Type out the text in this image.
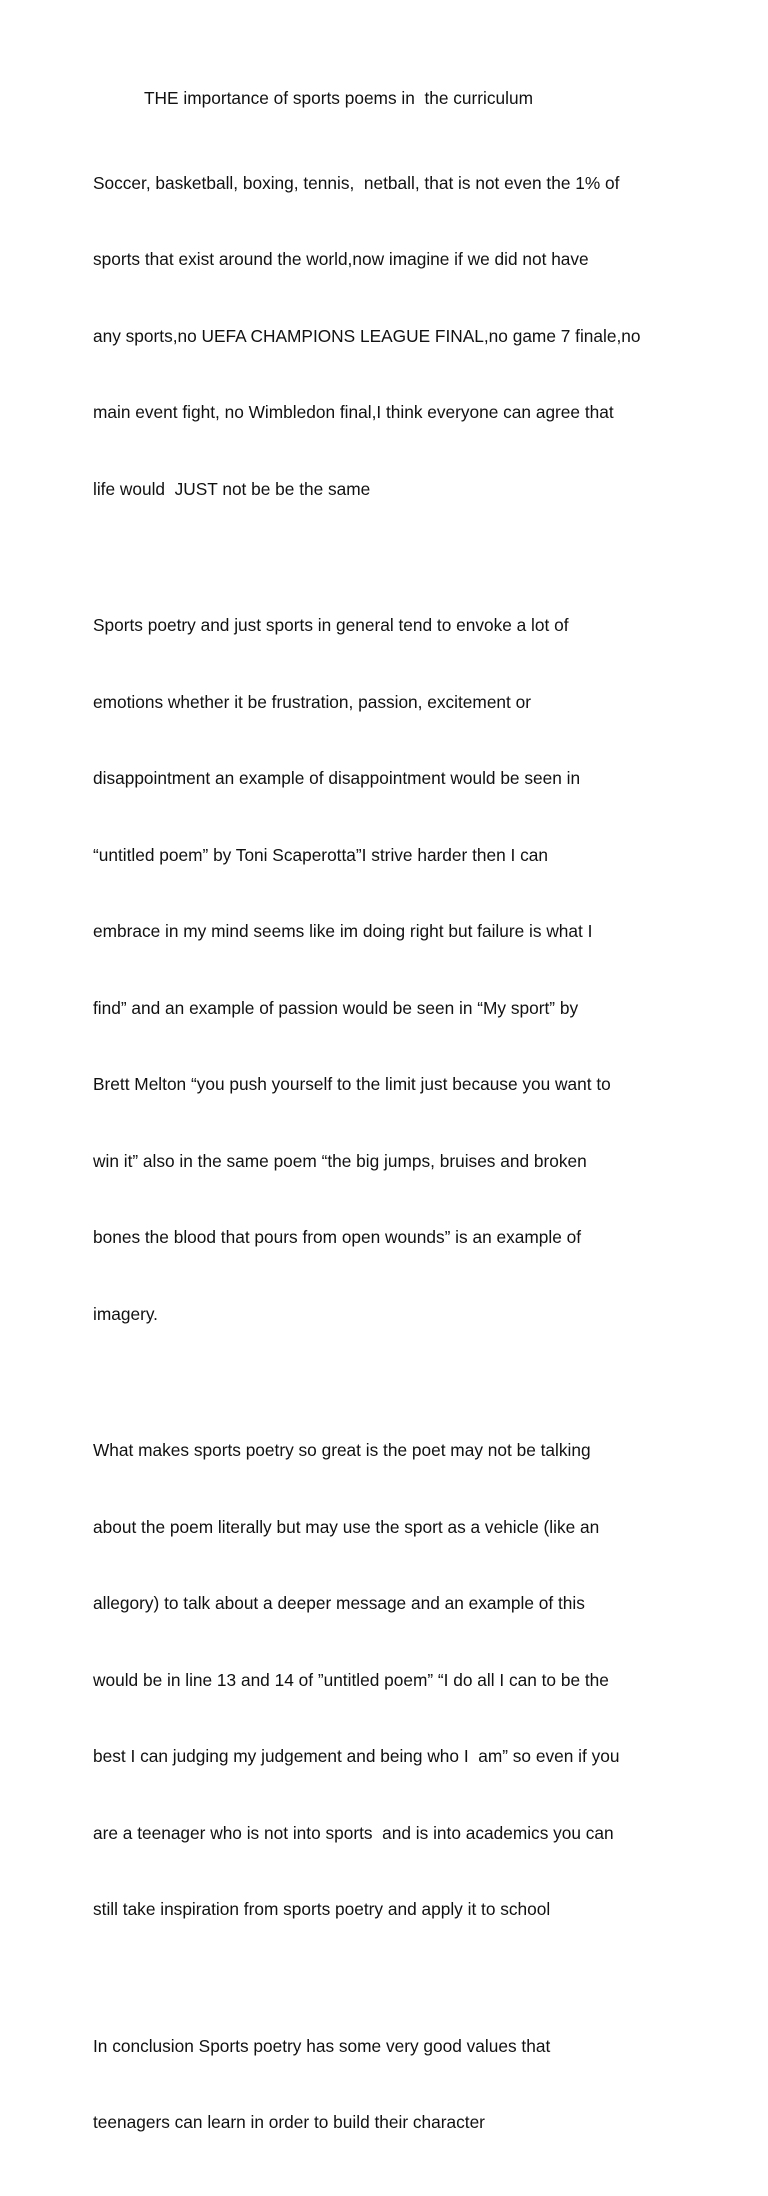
THE importance of sports poems in  the curriculum

Soccer, basketball, boxing, tennis,  netball, that is not even the 1% of

sports that exist around the world,now imagine if we did not have

any sports,no UEFA CHAMPIONS LEAGUE FINAL,no game 7 finale,no

main event fight, no Wimbledon final,I think everyone can agree that

life would  JUST not be be the same

Sports poetry and just sports in general tend to envoke a lot of

emotions whether it be frustration, passion, excitement or

disappointment an example of disappointment would be seen in

“untitled poem” by Toni Scaperotta”I strive harder then I can

embrace in my mind seems like im doing right but failure is what I

find” and an example of passion would be seen in “My sport” by

Brett Melton “you push yourself to the limit just because you want to

win it” also in the same poem “the big jumps, bruises and broken

bones the blood that pours from open wounds” is an example of

imagery.

What makes sports poetry so great is the poet may not be talking

about the poem literally but may use the sport as a vehicle (like an

allegory) to talk about a deeper message and an example of this

would be in line 13 and 14 of ”untitled poem” “I do all I can to be the

best I can judging my judgement and being who I  am” so even if you

are a teenager who is not into sports  and is into academics you can

still take inspiration from sports poetry and apply it to school

In conclusion Sports poetry has some very good values that

teenagers can learn in order to build their character
